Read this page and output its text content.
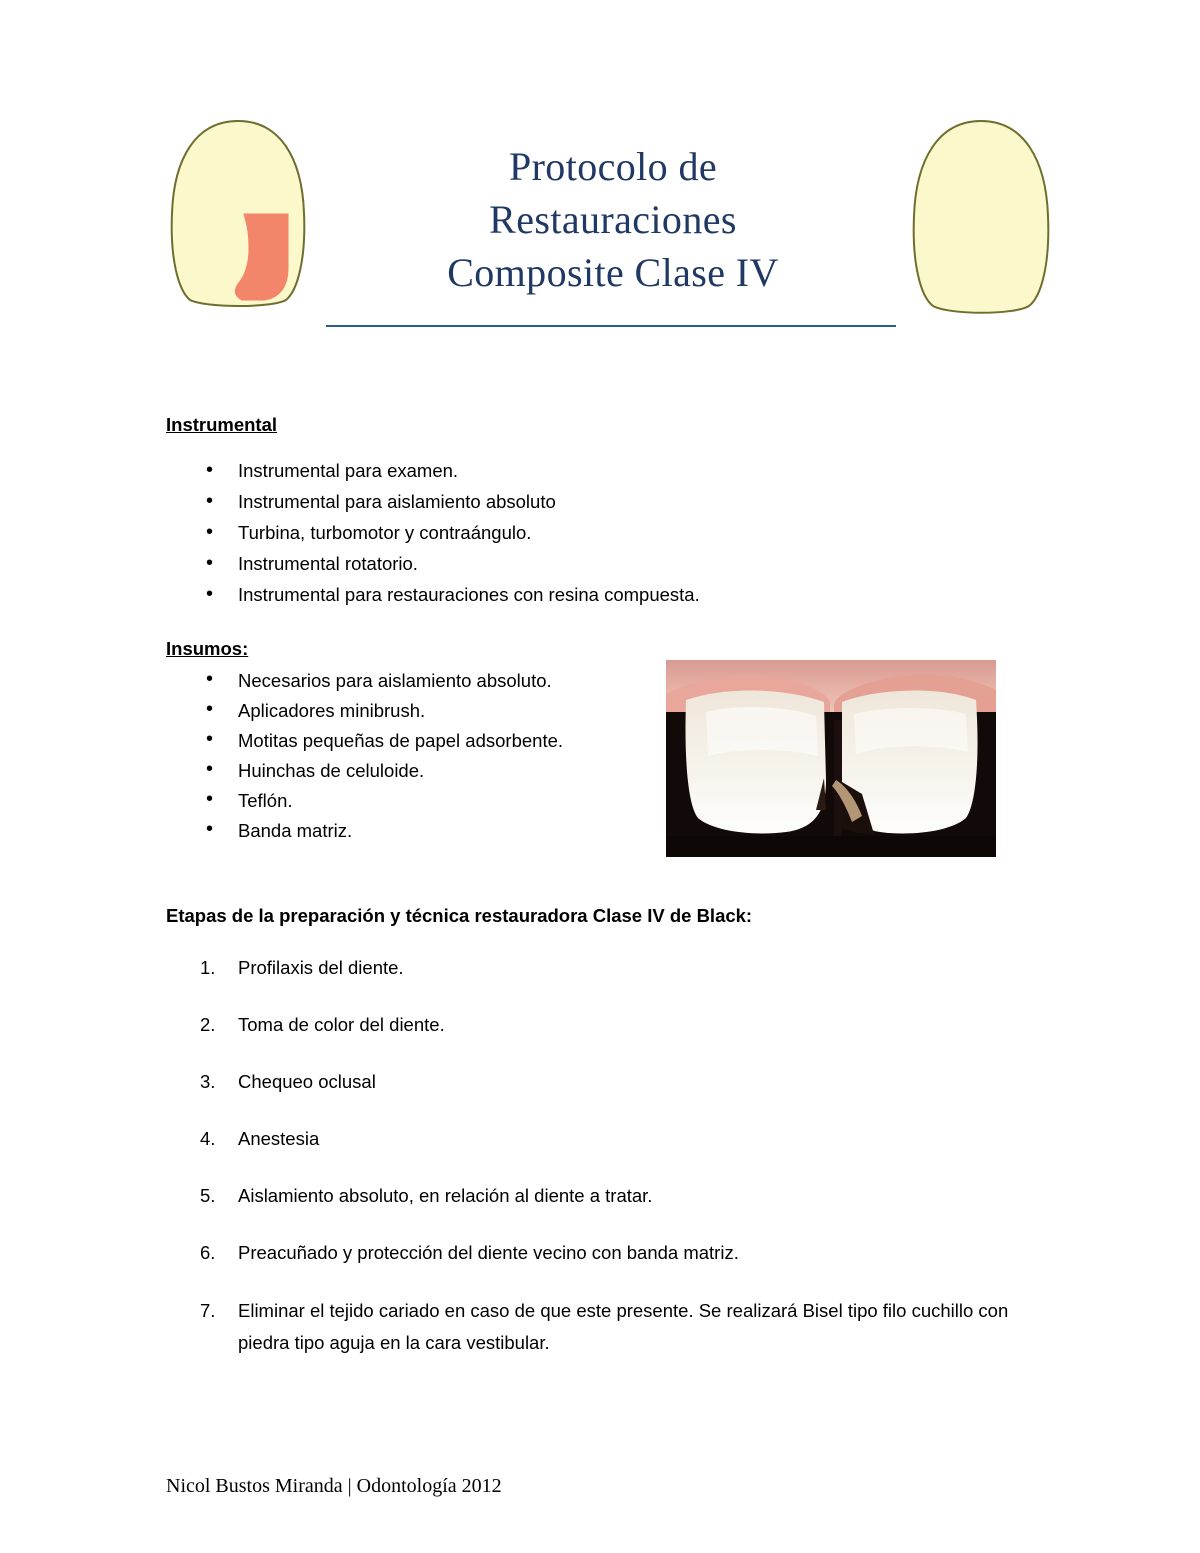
Protocolo de
Restauraciones
Composite Clase IV
Instrumental
• Instrumental para examen.
• Instrumental para aislamiento absoluto
• Turbina, turbomotor y contraángulo.
• Instrumental rotatorio.
• Instrumental para restauraciones con resina compuesta.
Insumos:
• Necesarios para aislamiento absoluto.
• Aplicadores minibrush.
• Motitas pequeñas de papel adsorbente.
• Huinchas de celuloide.
• Teflón.
• Banda matriz.
Etapas de la preparación y técnica restauradora Clase IV de Black:
Profilaxis del diente.
Toma de color del diente.
Chequeo oclusal
Anestesia
Aislamiento absoluto, en relación al diente a tratar.
Preacuñado y protección del diente vecino con banda matriz.
Eliminar el tejido cariado en caso de que este presente. Se realizará Bisel tipo filo cuchillo con piedra tipo aguja en la cara vestibular.
Nicol Bustos Miranda | Odontología 2012
